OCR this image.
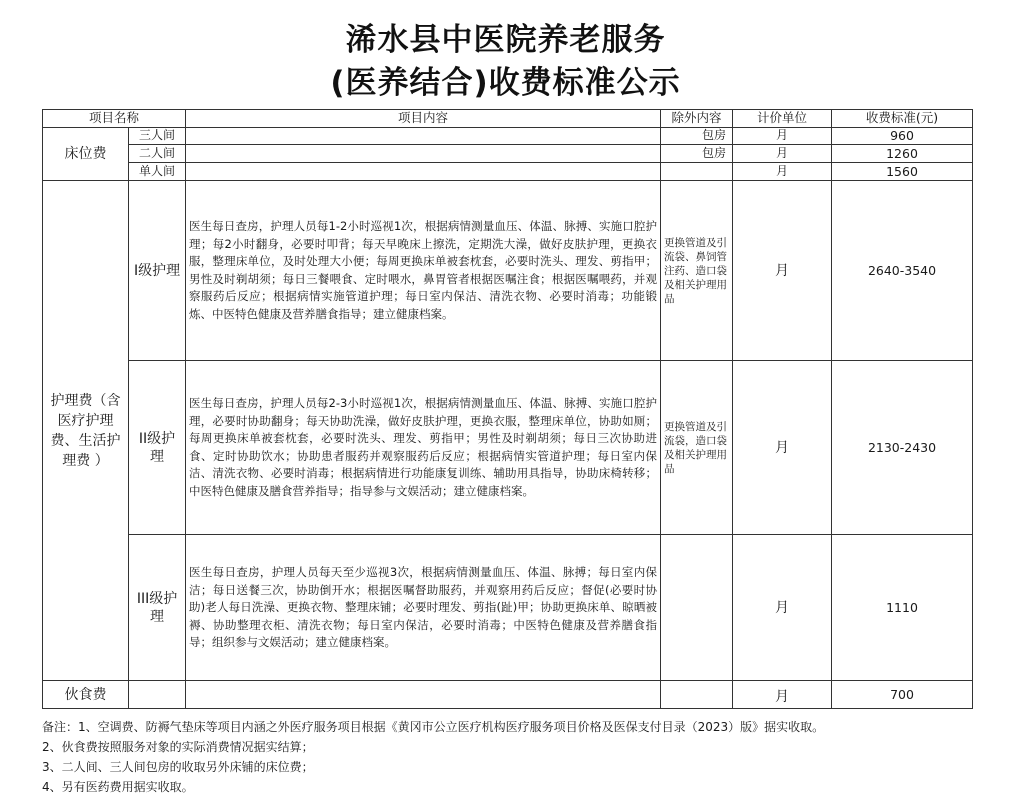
浠水县中医院养老服务
(医养结合)收费标准公示
项目名称		项目内容	除外内容	计价单位	收费标准(元)
床位费	三人间		包房	月	960
	二人间		包房	月	1260
	单人间			月	1560
护理费（含医疗护理费、生活护理费 ）	I级护理	医生每日查房，护理人员每1-2小时巡视1次，根据病情测量血压、体温、脉搏、实施口腔护理；每2小时翻身，必要时叩背；每天早晚床上擦洗，定期洗大澡，做好皮肤护理，更换衣服，整理床单位，及时处理大小便；每周更换床单被套枕套，必要时洗头、理发、剪指甲；男性及时剃胡须；每日三餐喂食、定时喂水，鼻胃管者根据医嘱注食；根据医嘱喂药，并观察服药后反应；根据病情实施管道护理；每日室内保洁、清洗衣物、必要时消毒；功能锻炼、中医特色健康及营养膳食指导；建立健康档案。	更换管道及引流袋、鼻饲管注药、造口袋及相关护理用品	月	2640-3540
	II级护理	医生每日查房，护理人员每2-3小时巡视1次，根据病情测量血压、体温、脉搏、实施口腔护理，必要时协助翻身；每天协助洗澡，做好皮肤护理，更换衣服，整理床单位，协助如厕；每周更换床单被套枕套，必要时洗头、理发、剪指甲；男性及时剃胡须；每日三次协助进食、定时协助饮水；协助患者服药并观察服药后反应；根据病情实管道护理；每日室内保洁、清洗衣物、必要时消毒；根据病情进行功能康复训练、辅助用具指导，协助床椅转移；中医特色健康及膳食营养指导；指导参与文娱活动；建立健康档案。	更换管道及引流袋，造口袋及相关护理用品	月	2130-2430
	III级护理	医生每日查房，护理人员每天至少巡视3次，根据病情测量血压、体温、脉搏；每日室内保洁；每日送餐三次，协助倒开水；根据医嘱督助服药，并观察用药后反应；督促(必要时协助)老人每日洗澡、更换衣物、整理床铺；必要时理发、剪指(趾)甲；协助更换床单、晾晒被褥、协助整理衣柜、清洗衣物；每日室内保洁，必要时消毒；中医特色健康及营养膳食指导；组织参与文娱活动；建立健康档案。		月	1110
伙食费				月	700
备注：1、空调费、防褥气垫床等项目内涵之外医疗服务项目根据《黄冈市公立医疗机构医疗服务项目价格及医保支付目录（2023）版》据实收取。
2、伙食费按照服务对象的实际消费情况据实结算；
3、二人间、三人间包房的收取另外床铺的床位费；
4、另有医药费用据实收取。
